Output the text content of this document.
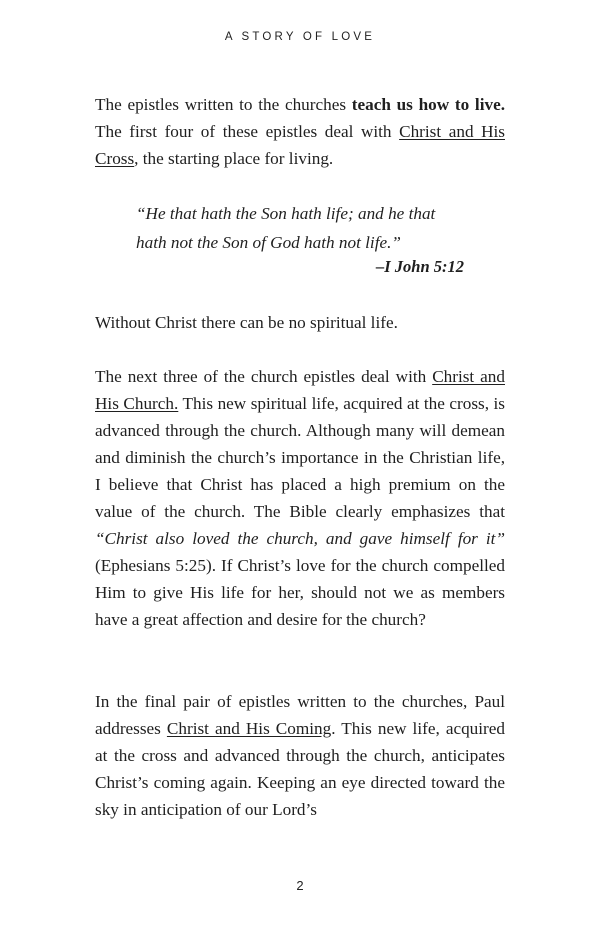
A STORY OF LOVE
The epistles written to the churches teach us how to live. The first four of these epistles deal with Christ and His Cross, the starting place for living.
“He that hath the Son hath life; and he that hath not the Son of God hath not life.”
–I John 5:12
Without Christ there can be no spiritual life.
The next three of the church epistles deal with Christ and His Church. This new spiritual life, acquired at the cross, is advanced through the church. Although many will demean and diminish the church’s importance in the Christian life, I believe that Christ has placed a high premium on the value of the church. The Bible clearly emphasizes that “Christ also loved the church, and gave himself for it” (Ephesians 5:25). If Christ’s love for the church compelled Him to give His life for her, should not we as members have a great affection and desire for the church?
In the final pair of epistles written to the churches, Paul addresses Christ and His Coming. This new life, acquired at the cross and advanced through the church, anticipates Christ’s coming again. Keeping an eye directed toward the sky in anticipation of our Lord’s
2
